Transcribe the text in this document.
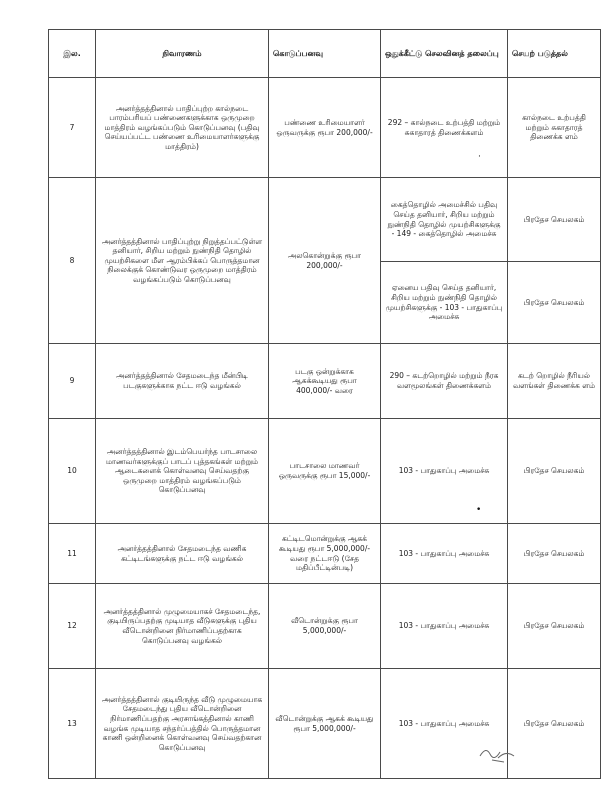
இல.	நிவாரணம்	கொடுப்பனவு	ஒதுக்கீட்டு செலவினத் தலைப்பு	செயற் படுத்தல்
7	அனர்த்தத்தினால் பாதிப்புற்ற கால்நடை பாரம்பரியப் பண்ணைகளுக்காக ஒருமுறை மாத்திரம் வழங்கப்படும் கொடுப்பனவு (பதிவு செய்யப்பட்ட பண்ணை உரிமையாளர்களுக்கு மாத்திரம்)	பண்ணை உரிமையாளர் ஒருவருக்கு ரூபா 200,000/-	292 – கால்நடை உற்பத்தி மற்றும் சுகாதாரத் திணைக்களம்	கால்நடை உற்பத்தி மற்றும் சுகாதாரத் திணைக்க ளம்
8	அனர்த்தத்தினால் பாதிப்புற்று நிறுத்தப்பட்டுள்ள தனியார், சிறிய மற்றும் நுண்நிதி தொழில் முயற்சிகளை மீள ஆரம்பிக்கப் பொருத்தமான நிலைக்குக் கொண்டுவர ஒருமுறை மாத்திரம் வழங்கப்படும் கொடுப்பனவு	அலகொன்றுக்கு ரூபா 200,000/-	கைத்தொழில் அமைச்சில் பதிவு செய்த தனியார், சிறிய மற்றும் நுண்நிதி தொழில் முயற்சிகளுக்கு - 149 - கைத்தொழில் அமைச்சு	பிரதேச செயலகம்
			ஏனைய பதிவு செய்த தனியார், சிறிய மற்றும் நுண்நிதி தொழில் முயற்சிகளுக்கு - 103 - பாதுகாப்பு அமைச்சு	பிரதேச செயலகம்
9	அனர்த்தத்தினால் சேதமடைந்த மீன்பிடி படகுகளுக்காக நட்ட ஈடு வழங்கல்	படகு ஒன்றுக்காக ஆகக்கூடியது ரூபா 400,000/- வரை	290 – கடற்றொழில் மற்றும் நீரக வளமூலங்கள் திணைக்களம்	கடற் றொழில் நீரியல் வளங்கள் திணைக்க ளம்
10	அனர்த்தத்தினால் இடம்பெயர்ந்த பாடசாலை மாணவர்களுக்குப் பாடப் புத்தகங்கள் மற்றும் ஆடைகளைக் கொள்வனவு செய்வதற்கு ஒருமுறை மாத்திரம் வழங்கப்படும் கொடுப்பனவு	பாடசாலை மாணவர் ஒருவருக்கு ரூபா 15,000/-	103 - பாதுகாப்பு அமைச்சு	பிரதேச செயலகம்
11	அனர்த்தத்தினால் சேதமடைந்த வணிக கட்டிடங்களுக்கு நட்ட ஈடு வழங்கல்	கட்டிடமொன்றுக்கு ஆகக் கூடியது ரூபா 5,000,000/- வரை நட்டஈடு (சேத மதிப்பீட்டின்படி)	103 - பாதுகாப்பு அமைச்சு	பிரதேச செயலகம்
12	அனர்த்தத்தினால் முழுமையாகச் சேதமடைந்த, குடியிருப்பதற்கு முடியாத வீடுகளுக்கு புதிய வீடொன்றினை நிர்மாணிப்பதற்காக கொடுப்பனவு வழங்கல்	வீடொன்றுக்கு ரூபா 5,000,000/-	103 - பாதுகாப்பு அமைச்சு	பிரதேச செயலகம்
13	அனர்த்தத்தினால் குடியிருந்த வீடு முழுமையாக சேதமடைந்து புதிய வீடொன்றினை நிர்மாணிப்பதற்கு அரசாங்கத்தினால் காணி வழங்க முடியாத சந்தர்ப்பத்தில் பொருத்தமான காணி ஒன்றினைக் கொள்வனவு செய்வதற்கான கொடுப்பனவு	வீடொன்றுக்கு ஆகக் கூடியது ரூபா 5,000,000/-	103 - பாதுகாப்பு அமைச்சு	பிரதேச செயலகம்
·
•
